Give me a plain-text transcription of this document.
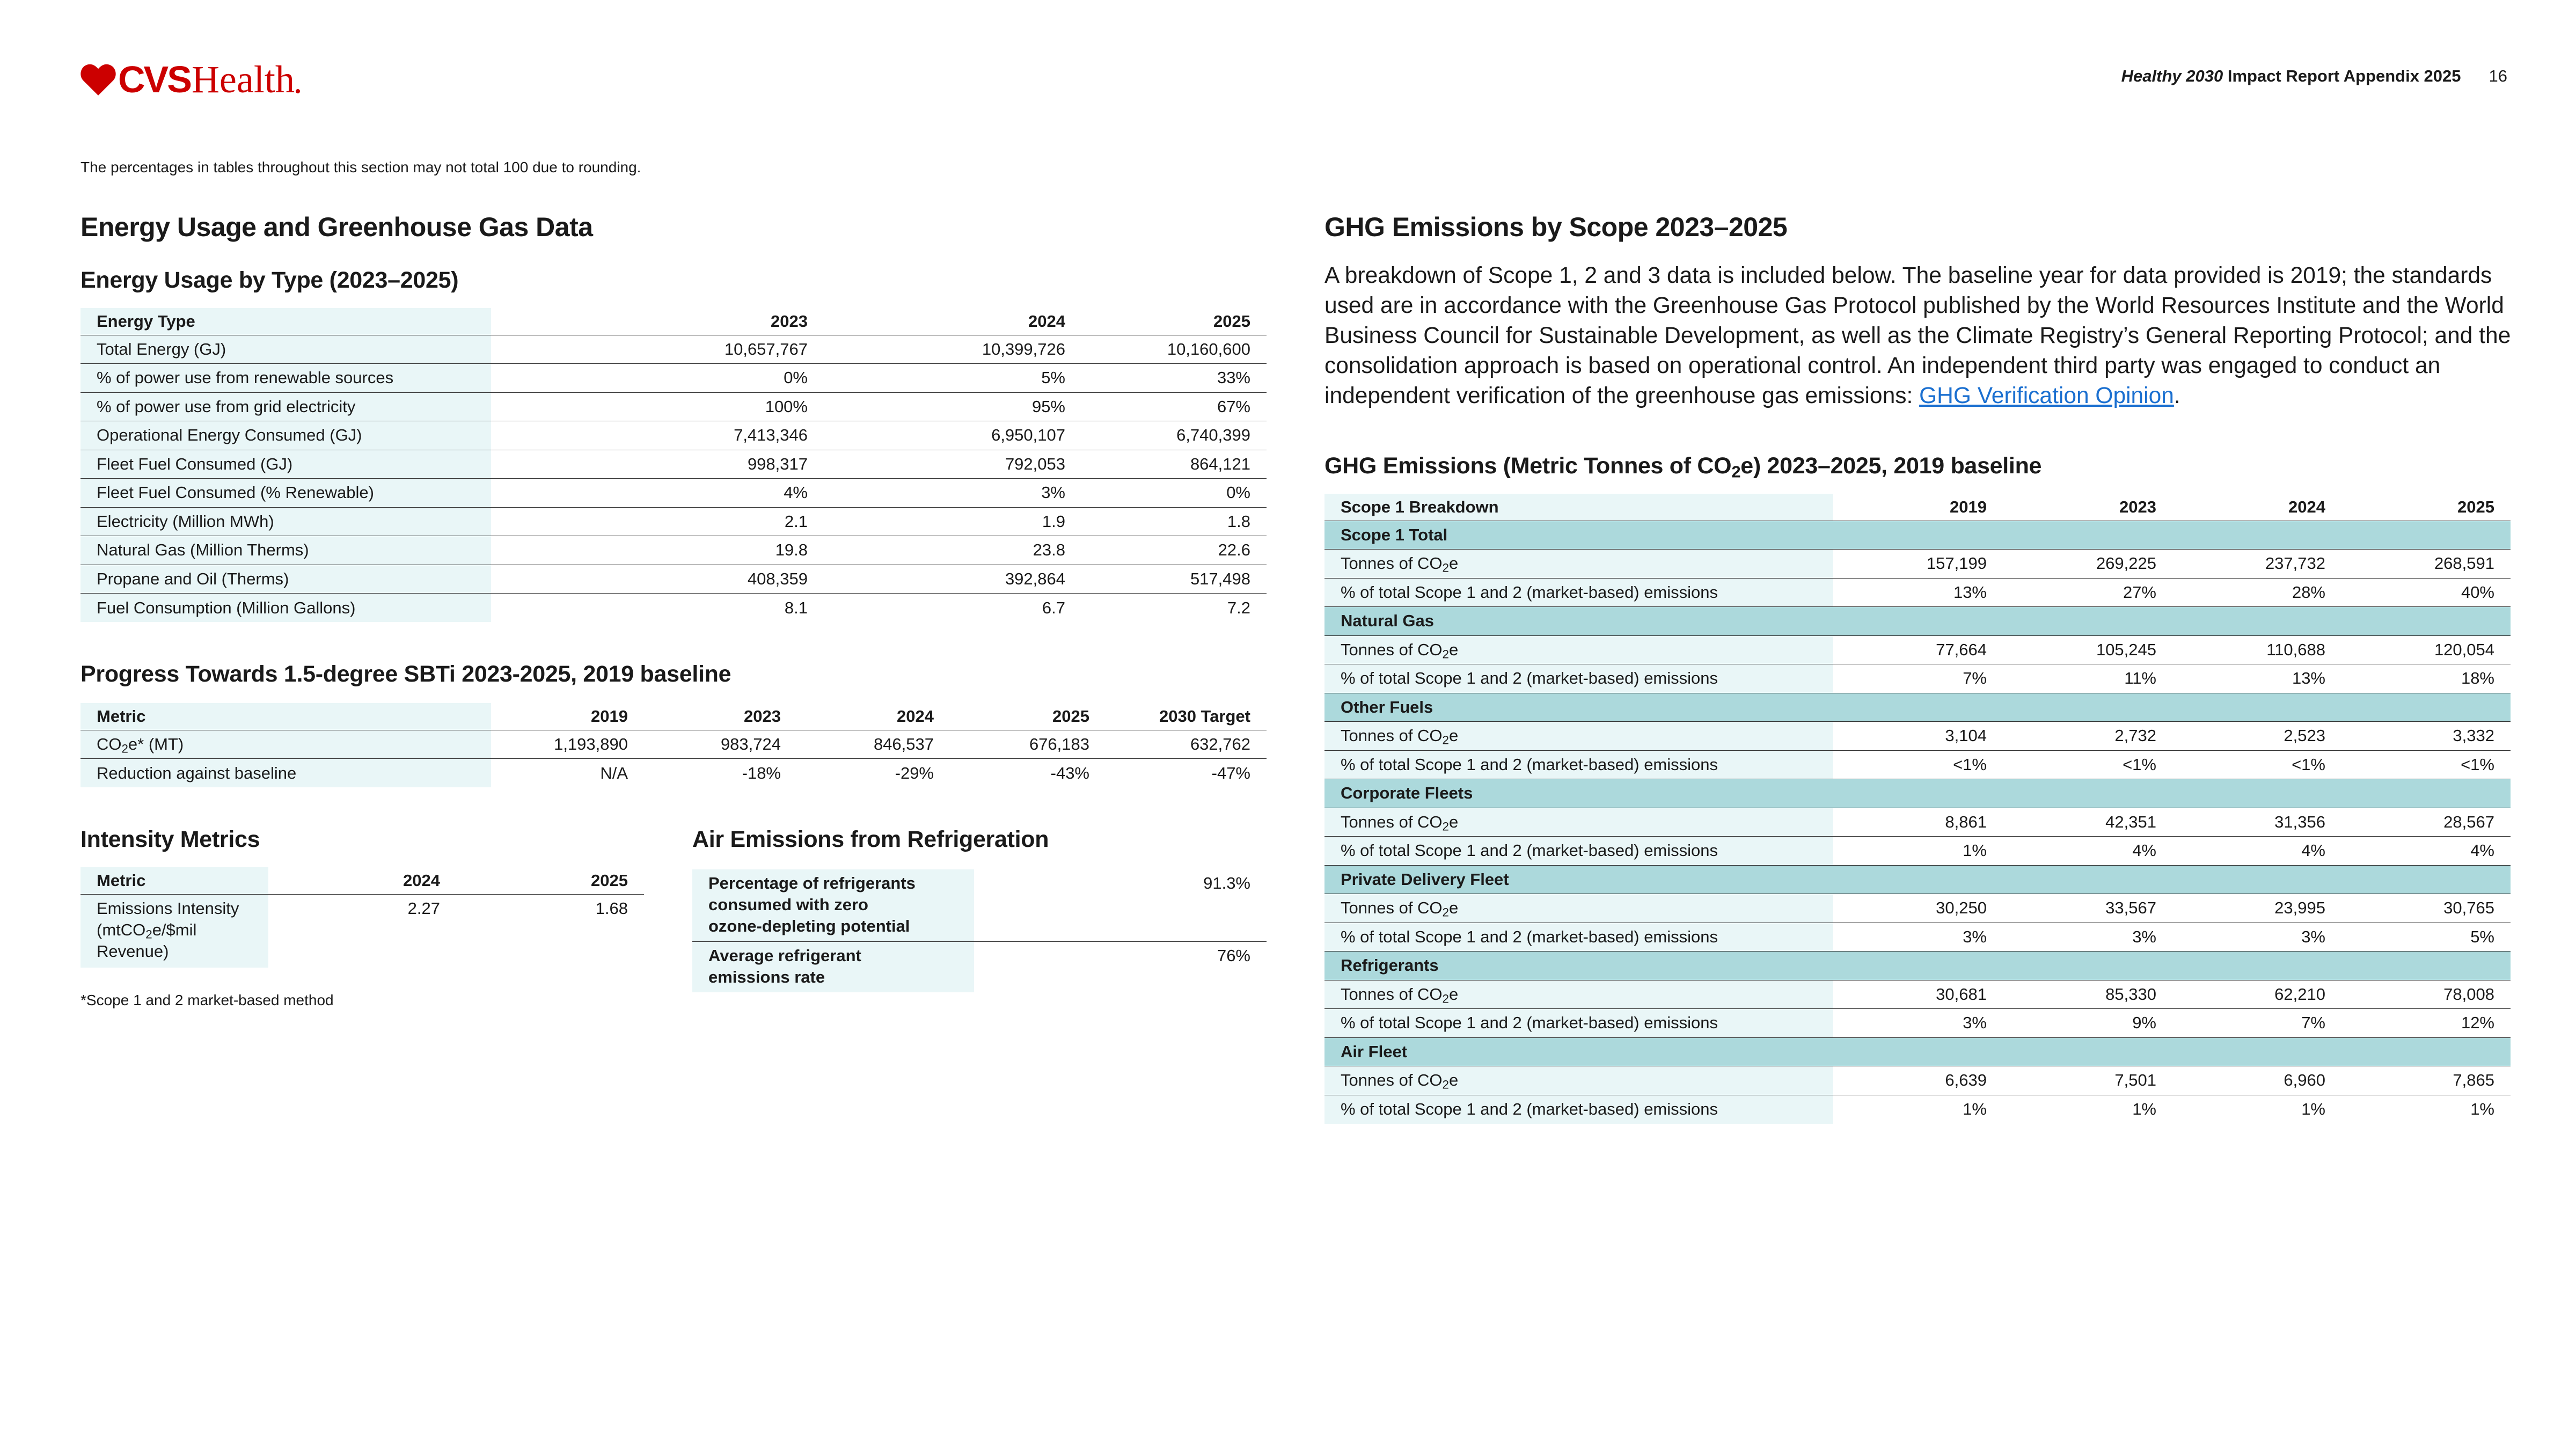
CVS Health	Healthy 2030 Impact Report Appendix 2025 16
The percentages in tables throughout this section may not total 100 due to rounding.
Energy Usage and Greenhouse Gas Data
Energy Usage by Type (2023–2025)
Energy Type	2023	2024	2025
Total Energy (GJ)	10,657,767	10,399,726	10,160,600
% of power use from renewable sources	0%	5%	33%
% of power use from grid electricity	100%	95%	67%
Operational Energy Consumed (GJ)	7,413,346	6,950,107	6,740,399
Fleet Fuel Consumed (GJ)	998,317	792,053	864,121
Fleet Fuel Consumed (% Renewable)	4%	3%	0%
Electricity (Million MWh)	2.1	1.9	1.8
Natural Gas (Million Therms)	19.8	23.8	22.6
Propane and Oil (Therms)	408,359	392,864	517,498
Fuel Consumption (Million Gallons)	8.1	6.7	7.2
Progress Towards 1.5-degree SBTi 2023-2025, 2019 baseline
Metric	2019	2023	2024	2025	2030 Target
$CO_2e*$ (MT)	1,193,890	983,724	846,537	676,183	632,762
Reduction against baseline	N/A	-18%	-29%	-43%	-47%
Intensity Metrics
Metric	2024	2025
Emissions Intensity
(mtCO$_2$e/$mil
Revenue)	2.27	1.68
Air Emissions from Refrigeration
Percentage of refrigerants
consumed with zero
ozone-depleting potential	91.3%
Average refrigerant
emissions rate	76%
*Scope 1 and 2 market-based method
GHG Emissions by Scope 2023–2025
A breakdown of Scope 1, 2 and 3 data is included below. The baseline year for data provided is 2019; the standards used are in accordance with the Greenhouse Gas Protocol published by the World Resources Institute and the World Business Council for Sustainable Development, as well as the Climate Registry’s General Reporting Protocol; and the consolidation approach is based on operational control. An independent third party was engaged to conduct an independent verification of the greenhouse gas emissions: GHG Verification Opinion.
GHG Emissions (Metric Tonnes of $CO_2e$) 2023–2025, 2019 baseline
Scope 1 Breakdown	2019	2023	2024	2025
Scope 1 Total				
Tonnes of $CO_2e$	157,199	269,225	237,732	268,591
% of total Scope 1 and 2 (market-based) emissions	13%	27%	28%	40%
Natural Gas				
Tonnes of $CO_2e$	77,664	105,245	110,688	120,054
% of total Scope 1 and 2 (market-based) emissions	7%	11%	13%	18%
Other Fuels				
Tonnes of $CO_2e$	3,104	2,732	2,523	3,332
% of total Scope 1 and 2 (market-based) emissions	<1%	<1%	<1%	<1%
Corporate Fleets				
Tonnes of $CO_2e$	8,861	42,351	31,356	28,567
% of total Scope 1 and 2 (market-based) emissions	1%	4%	4%	4%
Private Delivery Fleet				
Tonnes of $CO_2e$	30,250	33,567	23,995	30,765
% of total Scope 1 and 2 (market-based) emissions	3%	3%	3%	5%
Refrigerants				
Tonnes of $CO_2e$	30,681	85,330	62,210	78,008
% of total Scope 1 and 2 (market-based) emissions	3%	9%	7%	12%
Air Fleet				
Tonnes of $CO_2e$	6,639	7,501	6,960	7,865
% of total Scope 1 and 2 (market-based) emissions	1%	1%	1%	1%
